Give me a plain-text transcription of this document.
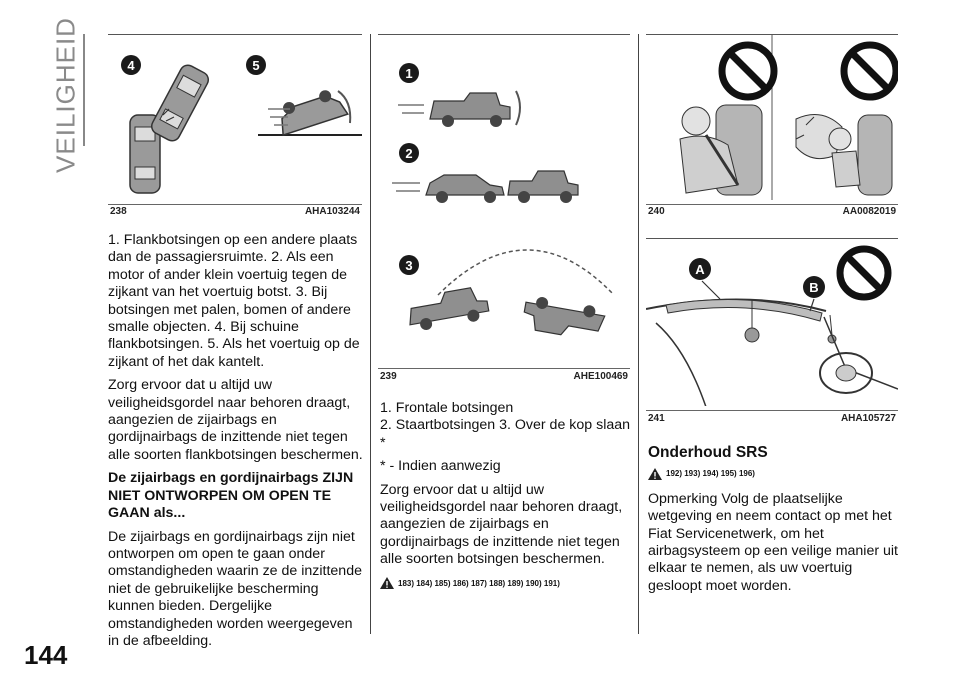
VEILIGHEID
144
4	5
238	AHA103244
1
2
3
239	AHE100469
240	AA0082019
A
B
241	AHA105727

1. Flankbotsingen op een andere plaats dan de passagiersruimte. 2. Als een motor of ander klein voertuig tegen de zijkant van het voertuig botst. 3. Bij botsingen met palen, bomen of andere smalle objecten. 4. Bij schuine flankbotsingen. 5. Als het voertuig op de zijkant of het dak kantelt.

Zorg ervoor dat u altijd uw veiligheidsgordel naar behoren draagt, aangezien de zijairbags en gordijnairbags de inzittende niet tegen alle soorten flankbotsingen beschermen.

De zijairbags en gordijnairbags ZIJN NIET ONTWORPEN OM OPEN TE GAAN als...

De zijairbags en gordijnairbags zijn niet ontworpen om open te gaan onder omstandigheden waarin ze de inzittende niet de gebruikelijke bescherming kunnen bieden. Dergelijke omstandigheden worden weergegeven in de afbeelding.

1. Frontale botsingen

2. Staartbotsingen 3. Over de kop slaan *

* - Indien aanwezig

Zorg ervoor dat u altijd uw veiligheidsgordel naar behoren draagt, aangezien de zijairbags en gordijnairbags de inzittende niet tegen alle soorten botsingen beschermen.

183) 184) 185) 186) 187) 188) 189) 190) 191)
Onderhoud SRS
192) 193) 194) 195) 196)

Opmerking Volg de plaatselijke wetgeving en neem contact op met het Fiat Servicenetwerk, om het airbagsysteem op een veilige manier uit elkaar te nemen, als uw voertuig gesloopt moet worden.
